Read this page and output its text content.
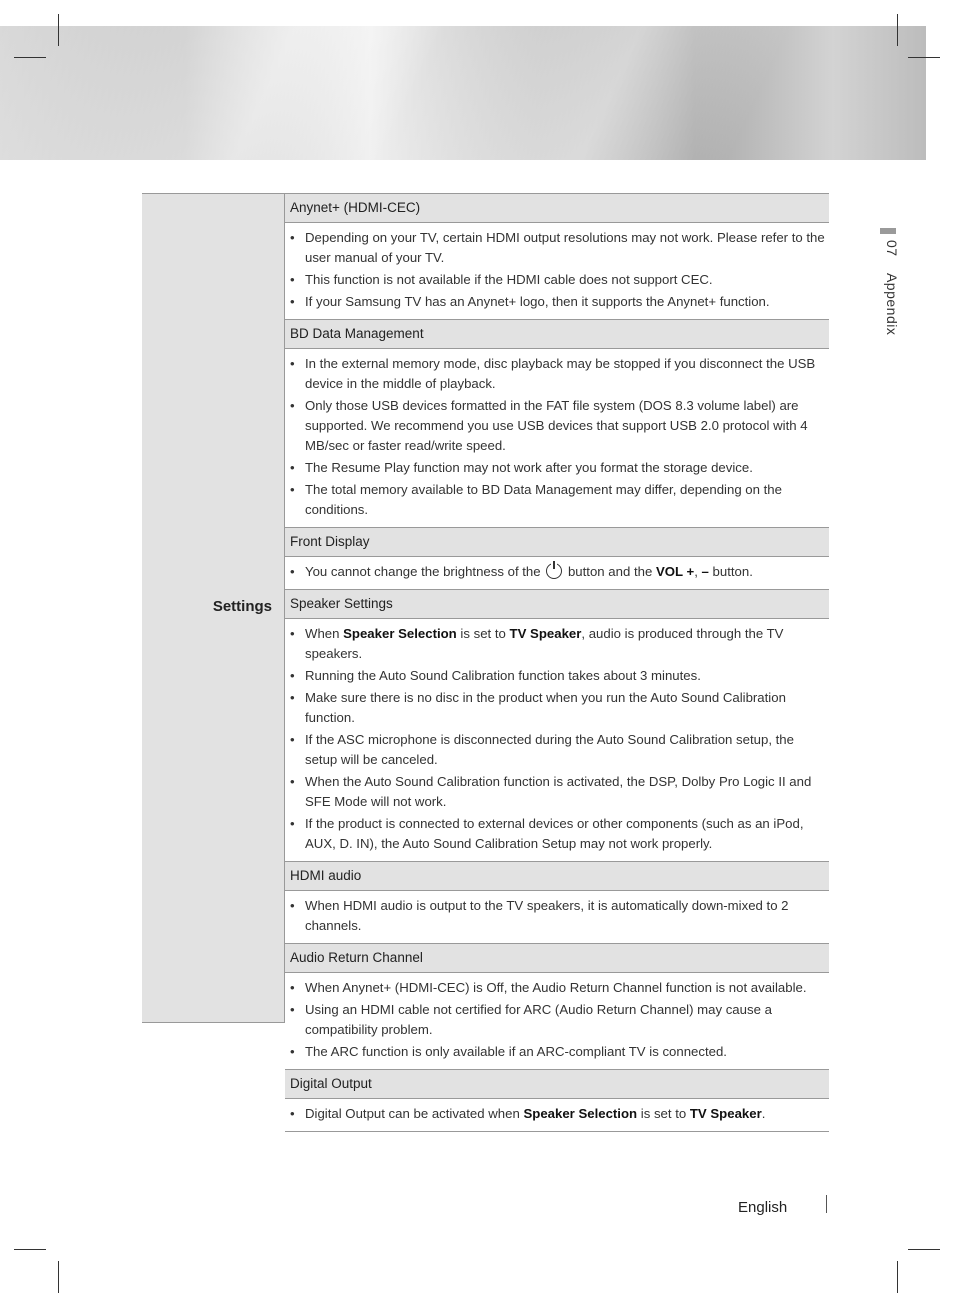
07 Appendix
Settings
Anynet+ (HDMI-CEC)
• Depending on your TV, certain HDMI output resolutions may not work. Please refer to the user manual of your TV.
• This function is not available if the HDMI cable does not support CEC.
• If your Samsung TV has an Anynet+ logo, then it supports the Anynet+ function.
BD Data Management
• In the external memory mode, disc playback may be stopped if you disconnect the USB device in the middle of playback.
• Only those USB devices formatted in the FAT file system (DOS 8.3 volume label) are supported. We recommend you use USB devices that support USB 2.0 protocol with 4 MB/sec or faster read/write speed.
• The Resume Play function may not work after you format the storage device.
• The total memory available to BD Data Management may differ, depending on the conditions.
Front Display
• You cannot change the brightness of the  button and the VOL +, – button.
Speaker Settings
• When Speaker Selection is set to TV Speaker, audio is produced through the TV speakers.
• Running the Auto Sound Calibration function takes about 3 minutes.
• Make sure there is no disc in the product when you run the Auto Sound Calibration function.
• If the ASC microphone is disconnected during the Auto Sound Calibration setup, the setup will be canceled.
• When the Auto Sound Calibration function is activated, the DSP, Dolby Pro Logic II and SFE Mode will not work.
• If the product is connected to external devices or other components (such as an iPod, AUX, D. IN), the Auto Sound Calibration Setup may not work properly.
HDMI audio
• When HDMI audio is output to the TV speakers, it is automatically down-mixed to 2 channels.
Audio Return Channel
• When Anynet+ (HDMI-CEC) is Off, the Audio Return Channel function is not available.
• Using an HDMI cable not certified for ARC (Audio Return Channel) may cause a compatibility problem.
• The ARC function is only available if an ARC-compliant TV is connected.
Digital Output
• Digital Output can be activated when Speaker Selection is set to TV Speaker.
English
